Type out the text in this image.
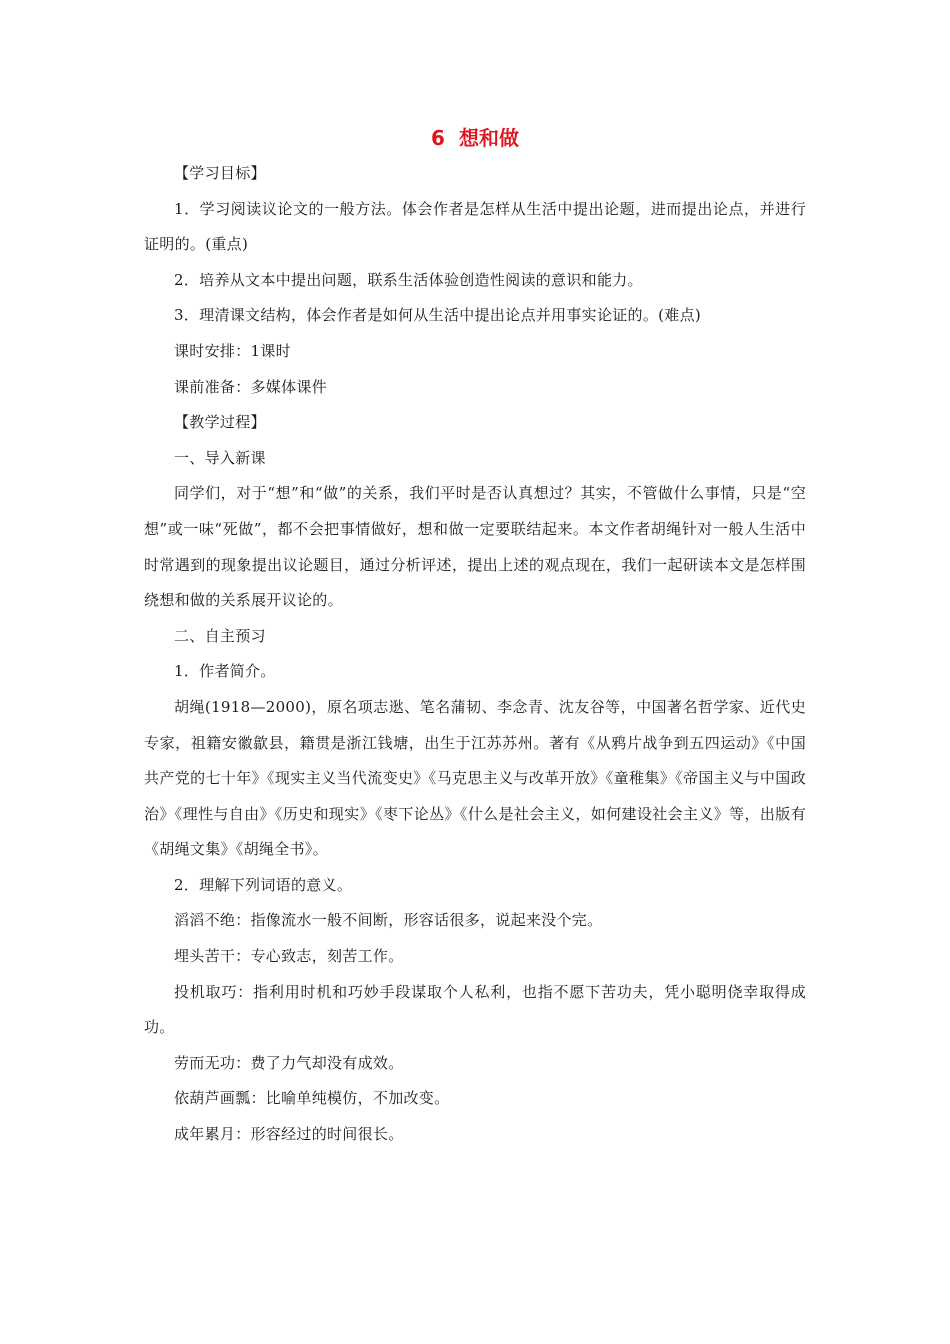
6 想和做

【学习目标】

1．学习阅读议论文的一般方法。体会作者是怎样从生活中提出论题，进而提出论点，并进行证明的。(重点)

2．培养从文本中提出问题，联系生活体验创造性阅读的意识和能力。

3．理清课文结构，体会作者是如何从生活中提出论点并用事实论证的。(难点)

课时安排：1课时

课前准备：多媒体课件

【教学过程】

一、导入新课

同学们，对于“想”和“做”的关系，我们平时是否认真想过？其实，不管做什么事情，只是“空想”或一味“死做”，都不会把事情做好，想和做一定要联结起来。本文作者胡绳针对一般人生活中时常遇到的现象提出议论题目，通过分析评述，提出上述的观点现在，我们一起研读本文是怎样围绕想和做的关系展开议论的。

二、自主预习

1．作者简介。

胡绳(1918—2000)，原名项志逖、笔名蒲韧、李念青、沈友谷等，中国著名哲学家、近代史专家，祖籍安徽歙县，籍贯是浙江钱塘，出生于江苏苏州。著有《从鸦片战争到五四运动》《中国共产党的七十年》《现实主义当代流变史》《马克思主义与改革开放》《童稚集》《帝国主义与中国政治》《理性与自由》《历史和现实》《枣下论丛》《什么是社会主义，如何建设社会主义》等，出版有《胡绳文集》《胡绳全书》。

2．理解下列词语的意义。

滔滔不绝：指像流水一般不间断，形容话很多，说起来没个完。

埋头苦干：专心致志，刻苦工作。

投机取巧：指利用时机和巧妙手段谋取个人私利，也指不愿下苦功夫，凭小聪明侥幸取得成功。

劳而无功：费了力气却没有成效。

依葫芦画瓢：比喻单纯模仿，不加改变。

成年累月：形容经过的时间很长。
